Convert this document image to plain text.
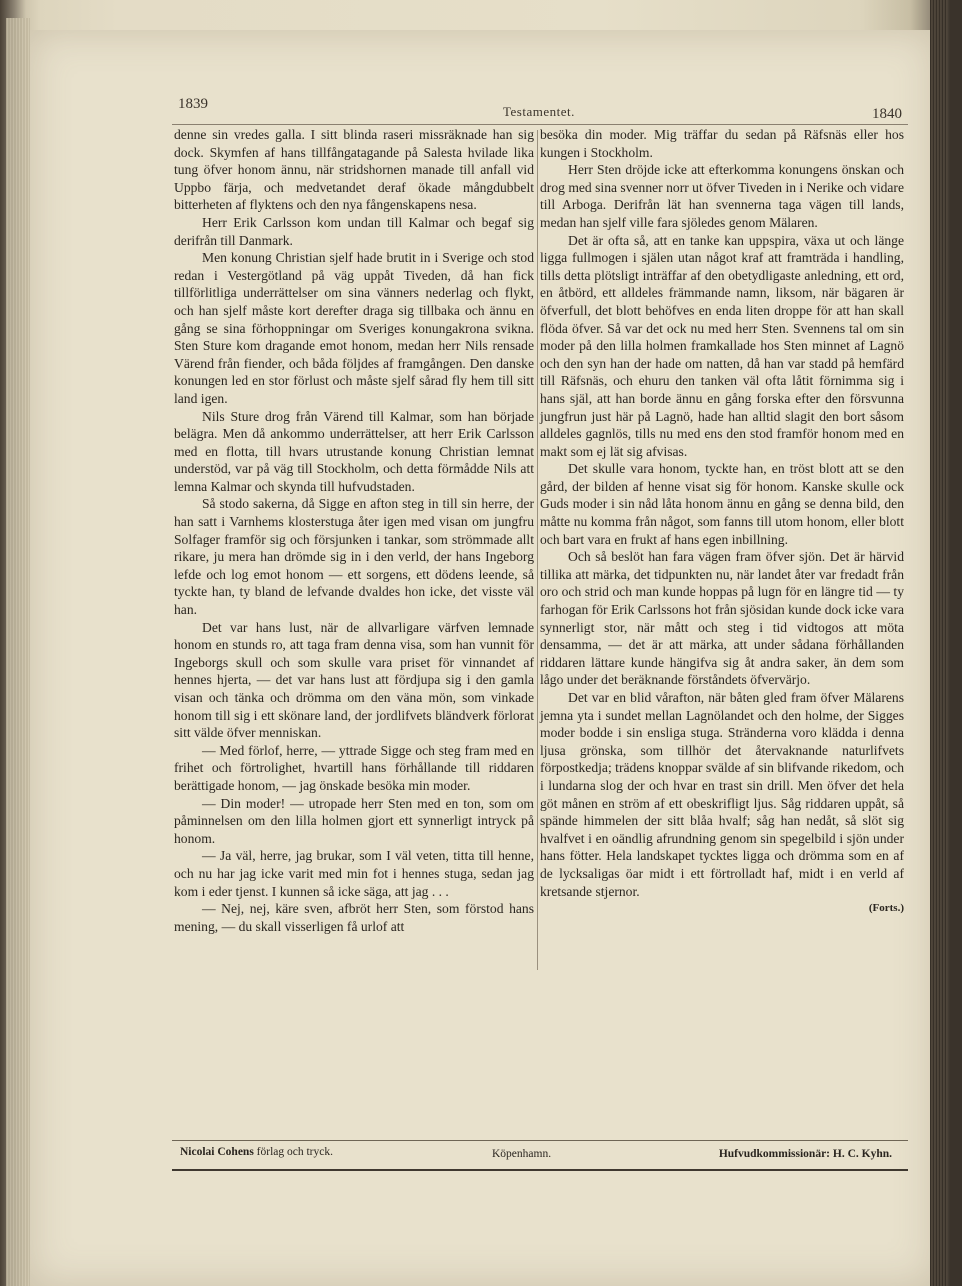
1839	Testamentet.	1840

denne sin vredes galla. I sitt blinda raseri missräknade han sig dock. Skymfen af hans tillfångatagande på Salesta hvilade lika tung öfver honom ännu, när stridshornen manade till anfall vid Uppbo färja, och medvetandet deraf ökade mångdubbelt bitterheten af flyktens och den nya fångenskapens nesa.

Herr Erik Carlsson kom undan till Kalmar och begaf sig derifrån till Danmark.

Men konung Christian sjelf hade brutit in i Sverige och stod redan i Vestergötland på väg uppåt Tiveden, då han fick tillförlitliga underrättelser om sina vänners nederlag och flykt, och han sjelf måste kort derefter draga sig tillbaka och ännu en gång se sina förhoppningar om Sveriges konungakrona svikna. Sten Sture kom dragande emot honom, medan herr Nils rensade Värend från fiender, och båda följdes af framgången. Den danske konungen led en stor förlust och måste sjelf sårad fly hem till sitt land igen.

Nils Sture drog från Värend till Kalmar, som han började belägra. Men då ankommo underrättelser, att herr Erik Carlsson med en flotta, till hvars utrustande konung Christian lemnat understöd, var på väg till Stockholm, och detta förmådde Nils att lemna Kalmar och skynda till hufvudstaden.

Så stodo sakerna, då Sigge en afton steg in till sin herre, der han satt i Varnhems klosterstuga åter igen med visan om jungfru Solfager framför sig och försjunken i tankar, som strömmade allt rikare, ju mera han drömde sig in i den verld, der hans Ingeborg lefde och log emot honom — ett sorgens, ett dödens leende, så tyckte han, ty bland de lefvande dvaldes hon icke, det visste väl han.

Det var hans lust, när de allvarligare värfven lemnade honom en stunds ro, att taga fram denna visa, som han vunnit för Ingeborgs skull och som skulle vara priset för vinnandet af hennes hjerta, — det var hans lust att fördjupa sig i den gamla visan och tänka och drömma om den väna mön, som vinkade honom till sig i ett skönare land, der jordlifvets bländverk förlorat sitt välde öfver menniskan.

— Med förlof, herre, — yttrade Sigge och steg fram med en frihet och förtrolighet, hvartill hans förhållande till riddaren berättigade honom, — jag önskade besöka min moder.

— Din moder! — utropade herr Sten med en ton, som om påminnelsen om den lilla holmen gjort ett synnerligt intryck på honom.

— Ja väl, herre, jag brukar, som I väl veten, titta till henne, och nu har jag icke varit med min fot i hennes stuga, sedan jag kom i eder tjenst. I kunnen så icke säga, att jag . . .

— Nej, nej, käre sven, afbröt herr Sten, som förstod hans mening, — du skall visserligen få urlof att

besöka din moder. Mig träffar du sedan på Räfsnäs eller hos kungen i Stockholm.

Herr Sten dröjde icke att efterkomma konungens önskan och drog med sina svenner norr ut öfver Tiveden in i Nerike och vidare till Arboga. Derifrån lät han svennerna taga vägen till lands, medan han sjelf ville fara sjöledes genom Mälaren.

Det är ofta så, att en tanke kan uppspira, växa ut och länge ligga fullmogen i själen utan något kraf att framträda i handling, tills detta plötsligt inträffar af den obetydligaste anledning, ett ord, en åtbörd, ett alldeles främmande namn, liksom, när bägaren är öfverfull, det blott behöfves en enda liten droppe för att han skall flöda öfver. Så var det ock nu med herr Sten. Svennens tal om sin moder på den lilla holmen framkallade hos Sten minnet af Lagnö och den syn han der hade om natten, då han var stadd på hemfärd till Räfsnäs, och ehuru den tanken väl ofta låtit förnimma sig i hans själ, att han borde ännu en gång forska efter den försvunna jungfrun just här på Lagnö, hade han alltid slagit den bort såsom alldeles gagnlös, tills nu med ens den stod framför honom med en makt som ej lät sig afvisas.

Det skulle vara honom, tyckte han, en tröst blott att se den gård, der bilden af henne visat sig för honom. Kanske skulle ock Guds moder i sin nåd låta honom ännu en gång se denna bild, den måtte nu komma från något, som fanns till utom honom, eller blott och bart vara en frukt af hans egen inbillning.

Och så beslöt han fara vägen fram öfver sjön. Det är härvid tillika att märka, det tidpunkten nu, när landet åter var fredadt från oro och strid och man kunde hoppas på lugn för en längre tid — ty farhogan för Erik Carlssons hot från sjösidan kunde dock icke vara synnerligt stor, när mått och steg i tid vidtogos att möta densamma, — det är att märka, att under sådana förhållanden riddaren lättare kunde hängifva sig åt andra saker, än dem som lågo under det beräknande förståndets öfvervärjo.

Det var en blid vårafton, när båten gled fram öfver Mälarens jemna yta i sundet mellan Lagnölandet och den holme, der Sigges moder bodde i sin ensliga stuga. Stränderna voro klädda i denna ljusa grönska, som tillhör det återvaknande naturlifvets förpostkedja; trädens knoppar svälde af sin blifvande rikedom, och i lundarna slog der och hvar en trast sin drill. Men öfver det hela göt månen en ström af ett obeskrifligt ljus. Såg riddaren uppåt, så spände himmelen der sitt blåa hvalf; såg han nedåt, så slöt sig hvalfvet i en oändlig afrundning genom sin spegelbild i sjön under hans fötter. Hela landskapet tycktes ligga och drömma som en af de lycksaligas öar midt i ett förtrolladt haf, midt i en verld af kretsande stjernor.

(Forts.)
Nicolai Cohens förlag och tryck.	Köpenhamn.	Hufvudkommissionär: H. C. Kyhn.
